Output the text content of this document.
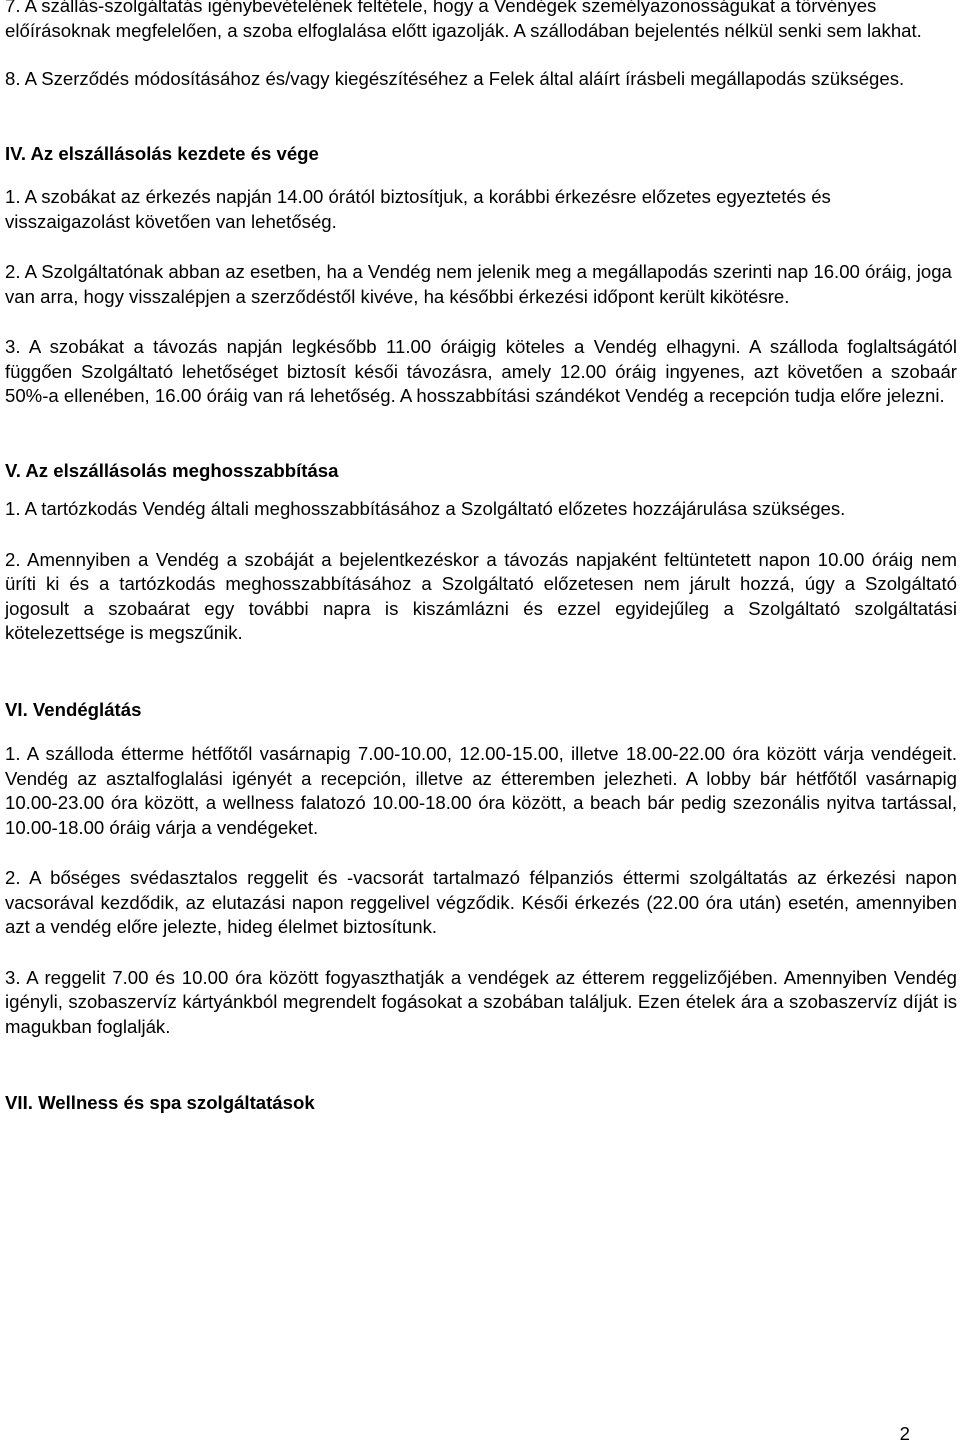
7. A szállás-szolgáltatás igénybevételének feltétele, hogy a Vendégek személyazonosságukat a törvényes előírásoknak megfelelően, a szoba elfoglalása előtt igazolják. A szállodában bejelentés nélkül senki sem lakhat.

8. A Szerződés módosításához és/vagy kiegészítéséhez a Felek által aláírt írásbeli megállapodás szükséges.

IV. Az elszállásolás kezdete és vége

1. A szobákat az érkezés napján 14.00 órától biztosítjuk, a korábbi érkezésre előzetes egyeztetés és visszaigazolást követően van lehetőség.

2. A Szolgáltatónak abban az esetben, ha a Vendég nem jelenik meg a megállapodás szerinti nap 16.00 óráig, joga van arra, hogy visszalépjen a szerződéstől kivéve, ha későbbi érkezési időpont került kikötésre.

3. A szobákat a távozás napján legkésőbb 11.00 óráigig köteles a Vendég elhagyni. A szálloda foglaltságától függően Szolgáltató lehetőséget biztosít késői távozásra, amely 12.00 óráig ingyenes, azt követően a szobaár 50%-a ellenében, 16.00 óráig van rá lehetőség. A hosszabbítási szándékot Vendég a recepción tudja előre jelezni.

V. Az elszállásolás meghosszabbítása

1. A tartózkodás Vendég általi meghosszabbításához a Szolgáltató előzetes hozzájárulása szükséges.

2. Amennyiben a Vendég a szobáját a bejelentkezéskor a távozás napjaként feltüntetett napon 10.00 óráig nem üríti ki és a tartózkodás meghosszabbításához a Szolgáltató előzetesen nem járult hozzá, úgy a Szolgáltató jogosult a szobaárat egy további napra is kiszámlázni és ezzel egyidejűleg a Szolgáltató szolgáltatási kötelezettsége is megszűnik.

VI. Vendéglátás

1. A szálloda étterme hétfőtől vasárnapig 7.00-10.00, 12.00-15.00, illetve 18.00-22.00 óra között várja vendégeit. Vendég az asztalfoglalási igényét a recepción, illetve az étteremben jelezheti. A lobby bár hétfőtől vasárnapig 10.00-23.00 óra között, a wellness falatozó 10.00-18.00 óra között, a beach bár pedig szezonális nyitva tartással, 10.00-18.00 óráig várja a vendégeket.

2. A bőséges svédasztalos reggelit és -vacsorát tartalmazó félpanziós éttermi szolgáltatás az érkezési napon vacsorával kezdődik, az elutazási napon reggelivel végződik. Késői érkezés (22.00 óra után) esetén, amennyiben azt a vendég előre jelezte, hideg élelmet biztosítunk.

3. A reggelit 7.00 és 10.00 óra között fogyaszthatják a vendégek az étterem reggelizőjében. Amennyiben Vendég igényli, szobaszervíz kártyánkból megrendelt fogásokat a szobában találjuk. Ezen ételek ára a szobaszervíz díját is magukban foglalják.

VII. Wellness és spa szolgáltatások

2
